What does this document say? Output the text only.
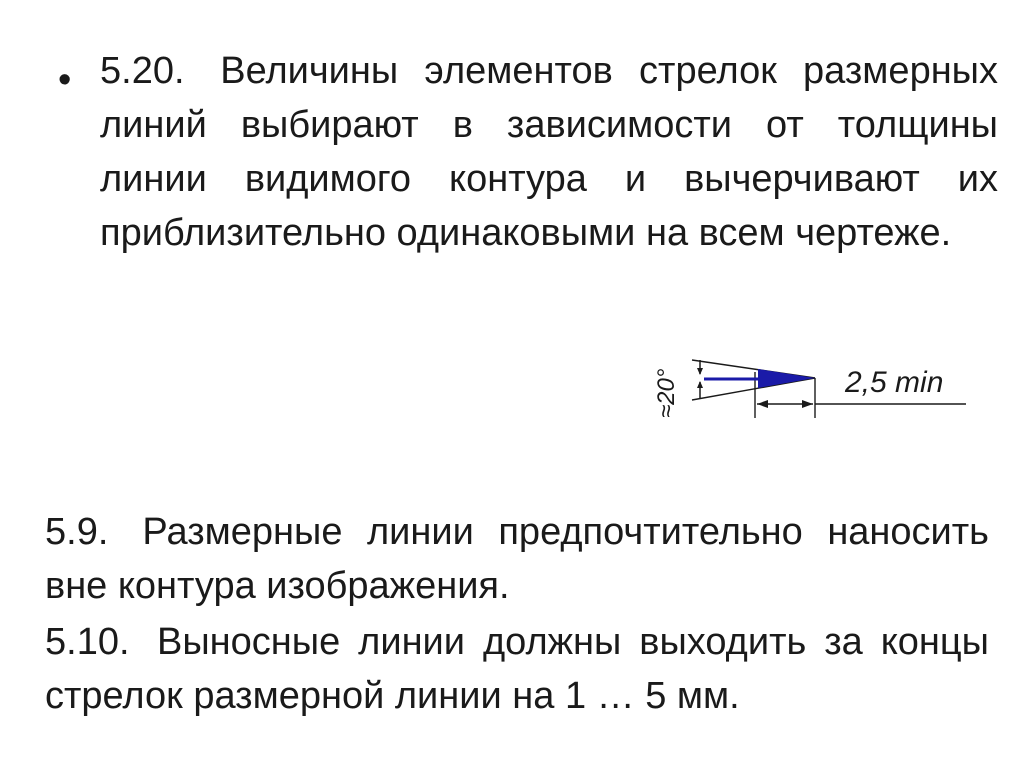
• 5.20. Величины элементов стрелок размерных линий выбирают в зависимости от толщины линии видимого контура и вычерчивают их приблизительно одинаковыми на всем чертеже.

≈20°	2,5 min

5.9. Размерные линии предпочтительно наносить вне контура изображения.

5.10. Выносные линии должны выходить за концы стрелок размерной линии на 1 … 5 мм.
